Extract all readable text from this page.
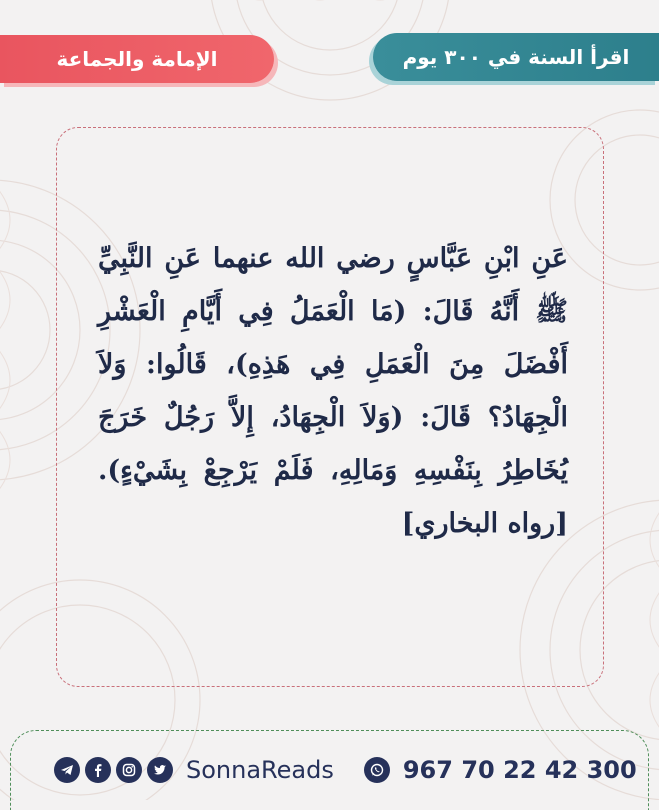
اقرأ السنة في ٣٠٠ يوم
الإمامة والجماعة
عَنِ ابْنِ عَبَّاسٍ رضي الله عنهما عَنِ النَّبِيِّ ﷺ أَنَّهُ قَالَ: (مَا الْعَمَلُ فِي أَيَّامِ الْعَشْرِ أَفْضَلَ مِنَ الْعَمَلِ فِي هَذِهِ)، قَالُوا: وَلاَ الْجِهَادُ؟ قَالَ: (وَلاَ الْجِهَادُ، إِلاَّ رَجُلٌ خَرَجَ يُخَاطِرُ بِنَفْسِهِ وَمَالِهِ، فَلَمْ يَرْجِعْ بِشَيْءٍ). [رواه البخاري]
SonnaReads	967 70 22 42 300
